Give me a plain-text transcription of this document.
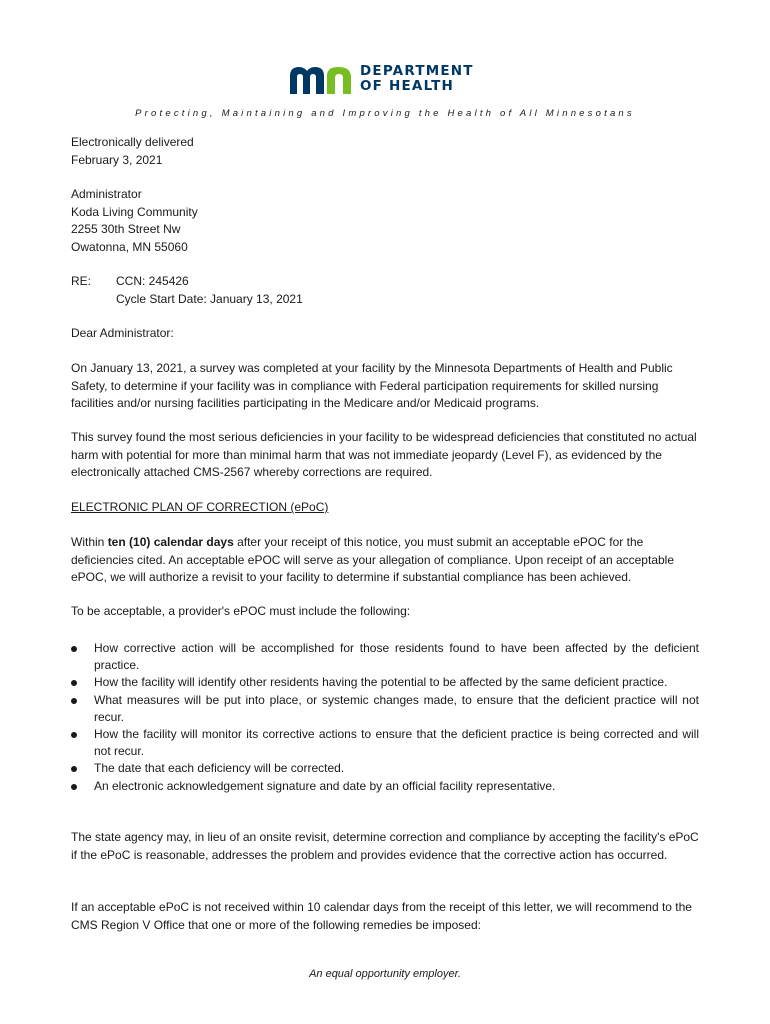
DEPARTMENT
OF HEALTH
Protecting, Maintaining and Improving the Health of All Minnesotans
Electronically delivered
February 3, 2021
Administrator
Koda Living Community
2255 30th Street Nw
Owatonna, MN 55060
RE: CCN: 245426
Cycle Start Date: January 13, 2021
Dear Administrator:
On January 13, 2021, a survey was completed at your facility by the Minnesota Departments of Health and Public Safety, to determine if your facility was in compliance with Federal participation requirements for skilled nursing facilities and/or nursing facilities participating in the Medicare and/or Medicaid programs.
This survey found the most serious deficiencies in your facility to be widespread deficiencies that constituted no actual harm with potential for more than minimal harm that was not immediate jeopardy (Level F), as evidenced by the electronically attached CMS-2567 whereby corrections are required.
ELECTRONIC PLAN OF CORRECTION (ePoC)
Within ten (10) calendar days after your receipt of this notice, you must submit an acceptable ePOC for the deficiencies cited. An acceptable ePOC will serve as your allegation of compliance. Upon receipt of an acceptable ePOC, we will authorize a revisit to your facility to determine if substantial compliance has been achieved.
To be acceptable, a provider's ePOC must include the following:
How corrective action will be accomplished for those residents found to have been affected by the deficient practice.
How the facility will identify other residents having the potential to be affected by the same deficient practice.
What measures will be put into place, or systemic changes made, to ensure that the deficient practice will not recur.
How the facility will monitor its corrective actions to ensure that the deficient practice is being corrected and will not recur.
The date that each deficiency will be corrected.
An electronic acknowledgement signature and date by an official facility representative.
The state agency may, in lieu of an onsite revisit, determine correction and compliance by accepting the facility's ePoC if the ePoC is reasonable, addresses the problem and provides evidence that the corrective action has occurred.
If an acceptable ePoC is not received within 10 calendar days from the receipt of this letter, we will recommend to the CMS Region V Office that one or more of the following remedies be imposed:
An equal opportunity employer.
